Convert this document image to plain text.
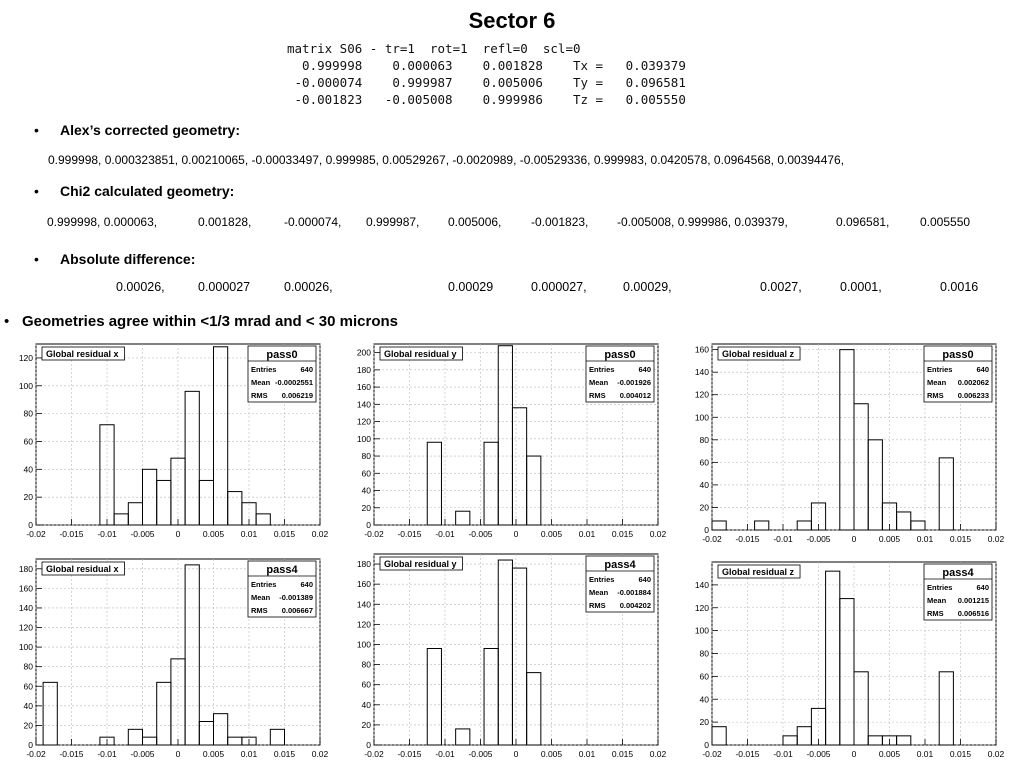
Sector 6
matrix S06 - tr=1  rot=1  refl=0  scl=0
0.999998    0.000063    0.001828    Tx =   0.039379
-0.000074    0.999987    0.005006    Ty =   0.096581
-0.001823   -0.005008    0.999986    Tz =   0.005550
• Alex’s corrected geometry:
0.999998, 0.000323851, 0.00210065, -0.00033497, 0.999985, 0.00529267, -0.0020989, -0.00529336, 0.999983, 0.0420578, 0.0964568, 0.00394476,
• Chi2 calculated geometry:
0.999998, 0.000063,	0.001828,	-0.000074, 0.999987, 0.005006, -0.001823, -0.005008, 0.999986, 0.039379,	0.096581,	0.005550
• Absolute difference:
0.00026,	0.000027	0.00026,	0.00029	0.000027,	0.00029,	0.0027,	0.0001,	0.0016
• Geometries agree within <1/3 mrad and < 30 microns
0
20
40
60
80
100
120
-0.02 -0.015 -0.01 -0.005 0	0.005 0.01 0.015 0.02
Global residual x	pass0
Entries	640
Mean -0.0002551
RMS 0.006219
0
20
40
60
80
100
120
140
160
180
200
-0.02 -0.015 -0.01 -0.005 0	0.005 0.01 0.015 0.02
Global residual y	pass0
Entries	640
Mean -0.001926
RMS 0.004012
0
20
40
60
80
100
120
140
160
-0.02 -0.015 -0.01 -0.005 0	0.005 0.01 0.015 0.02
Global residual z	pass0
Entries	640
Mean 0.002062
RMS 0.006233
0
20
40
60
80
100
120
140
160
180
-0.02 -0.015 -0.01 -0.005 0	0.005 0.01 0.015 0.02
Global residual x	pass4
Entries	640
Mean -0.001389
RMS 0.006667
0
20
40
60
80
100
120
140
160
180
-0.02 -0.015 -0.01 -0.005 0	0.005 0.01 0.015 0.02
Global residual y	pass4
Entries	640
Mean -0.001884
RMS 0.004202
0
20
40
60
80
100
120
140
-0.02 -0.015 -0.01 -0.005 0	0.005 0.01 0.015 0.02
Global residual z	pass4
Entries	640
Mean 0.001215
RMS 0.006516
